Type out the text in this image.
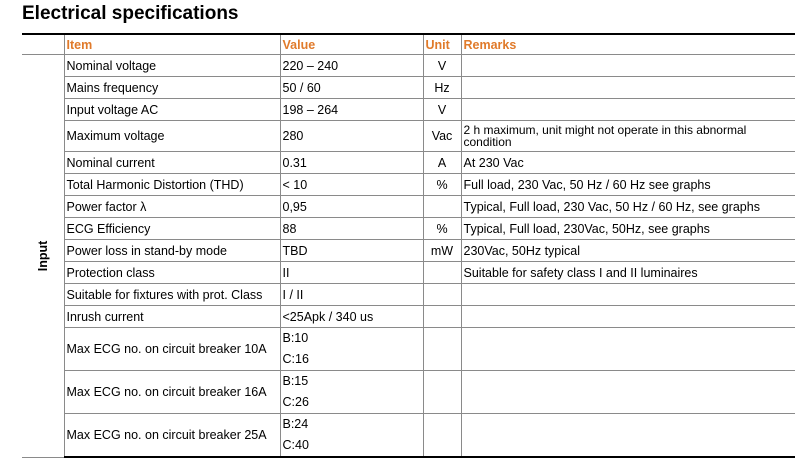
Electrical specifications
	Item	Value	Unit	Remarks

Input	Nominal voltage	220 – 240	V	
	Mains frequency	50 / 60	Hz	
	Input voltage AC	198 – 264	V	
	Maximum voltage	280	Vac	2 h maximum, unit might not operate in this abnormal condition
	Nominal current	0.31	A	At 230 Vac
	Total Harmonic Distortion (THD)	< 10	%	Full load, 230 Vac, 50 Hz / 60 Hz see graphs
	Power factor λ	0,95		Typical, Full load, 230 Vac, 50 Hz / 60 Hz, see graphs
	ECG Efficiency	88	%	Typical, Full load, 230Vac, 50Hz, see graphs
	Power loss in stand-by mode	TBD	mW	230Vac, 50Hz typical
	Protection class	II		Suitable for safety class I and II luminaires
	Suitable for fixtures with prot. Class	I / II		
	Inrush current	<25Apk / 340 us		
	Max ECG no. on circuit breaker 10A	B:10
C:16		

	Max ECG no. on circuit breaker 16A	B:15
C:26		

	Max ECG no. on circuit breaker 25A	B:24
C:40		
